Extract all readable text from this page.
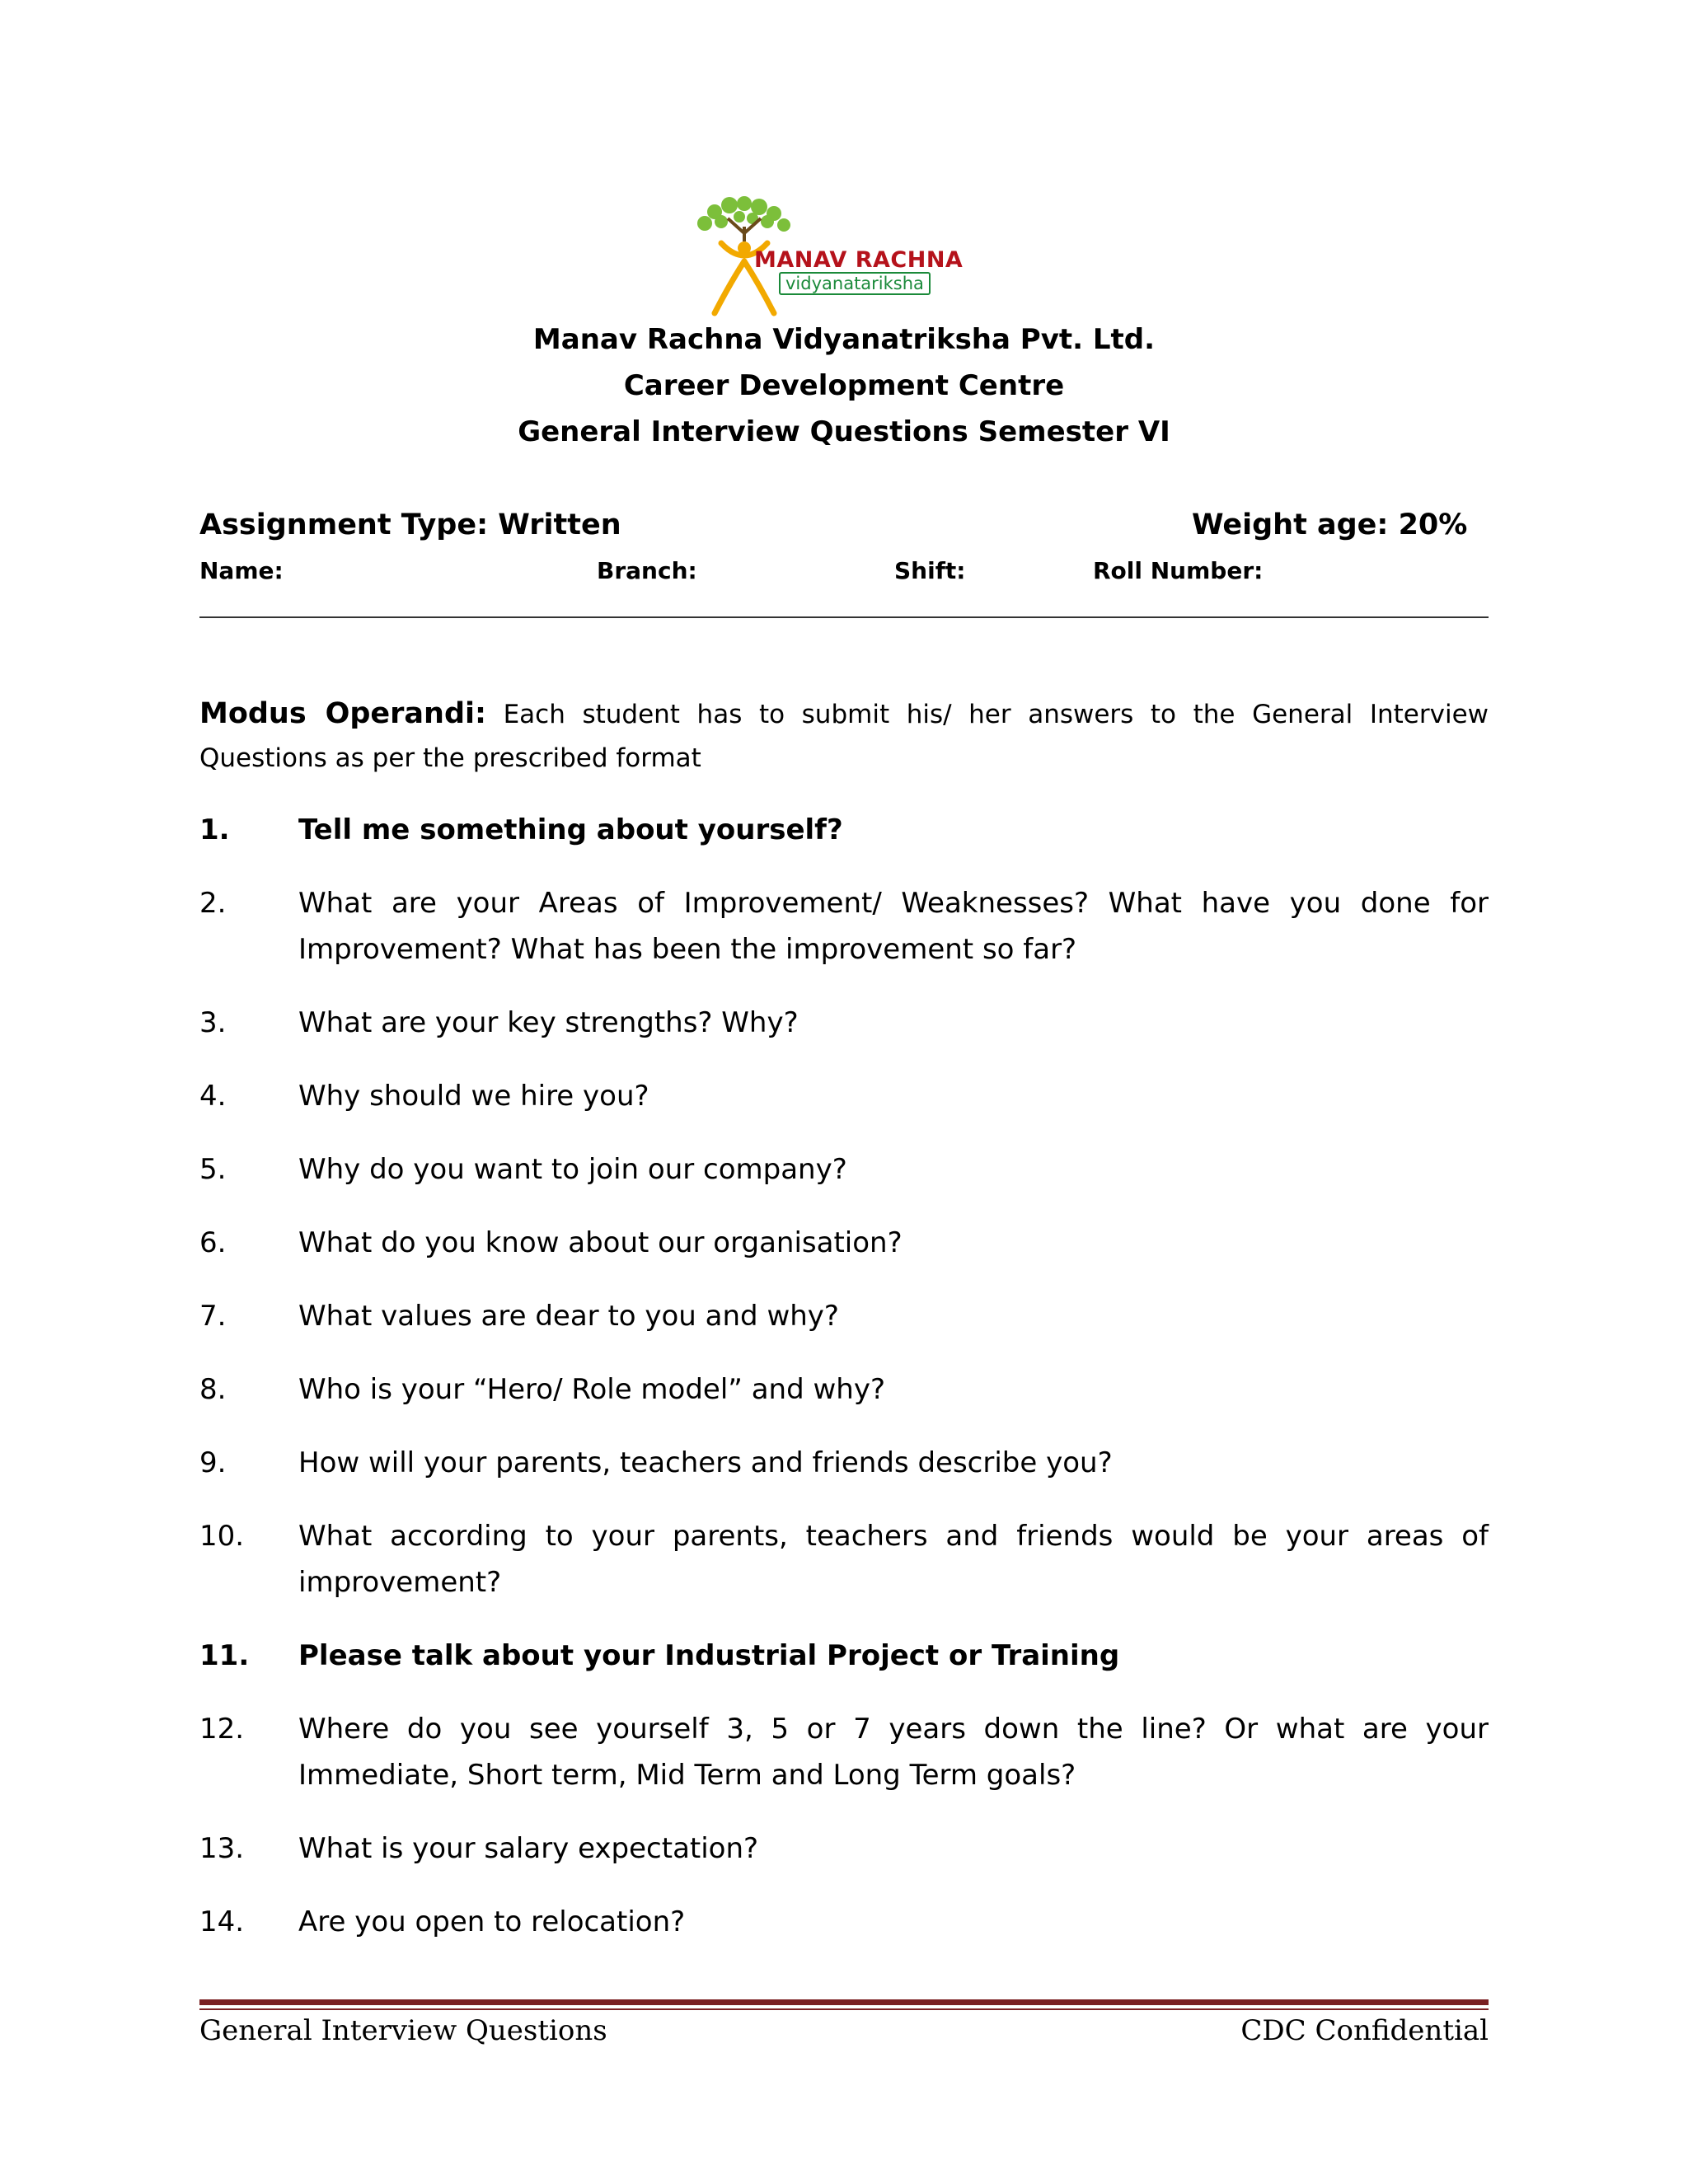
MANAV RACHNA
vidyanatariksha
Manav Rachna Vidyanatriksha Pvt. Ltd.
Career Development Centre
General Interview Questions Semester VI
Assignment Type: Written	Weight age: 20%
Name:	Branch:	Shift:	Roll Number:
Modus Operandi: Each student has to submit his/ her answers to the General Interview Questions as per the prescribed format
1. Tell me something about yourself?
2.	What are your Areas of Improvement/ Weaknesses? What have you done for Improvement? What has been the improvement so far?
3.	What are your key strengths? Why?
4.	Why should we hire you?
5.	Why do you want to join our company?
6.	What do you know about our organisation?
7.	What values are dear to you and why?
8.	Who is your “Hero/ Role model” and why?
9.	How will your parents, teachers and friends describe you?
10. What according to your parents, teachers and friends would be your areas of improvement?
11. Please talk about your Industrial Project or Training
12. Where do you see yourself 3, 5 or 7 years down the line? Or what are your Immediate, Short term, Mid Term and Long Term goals?
13. What is your salary expectation?
14. Are you open to relocation?
General Interview Questions	CDC Confidential
